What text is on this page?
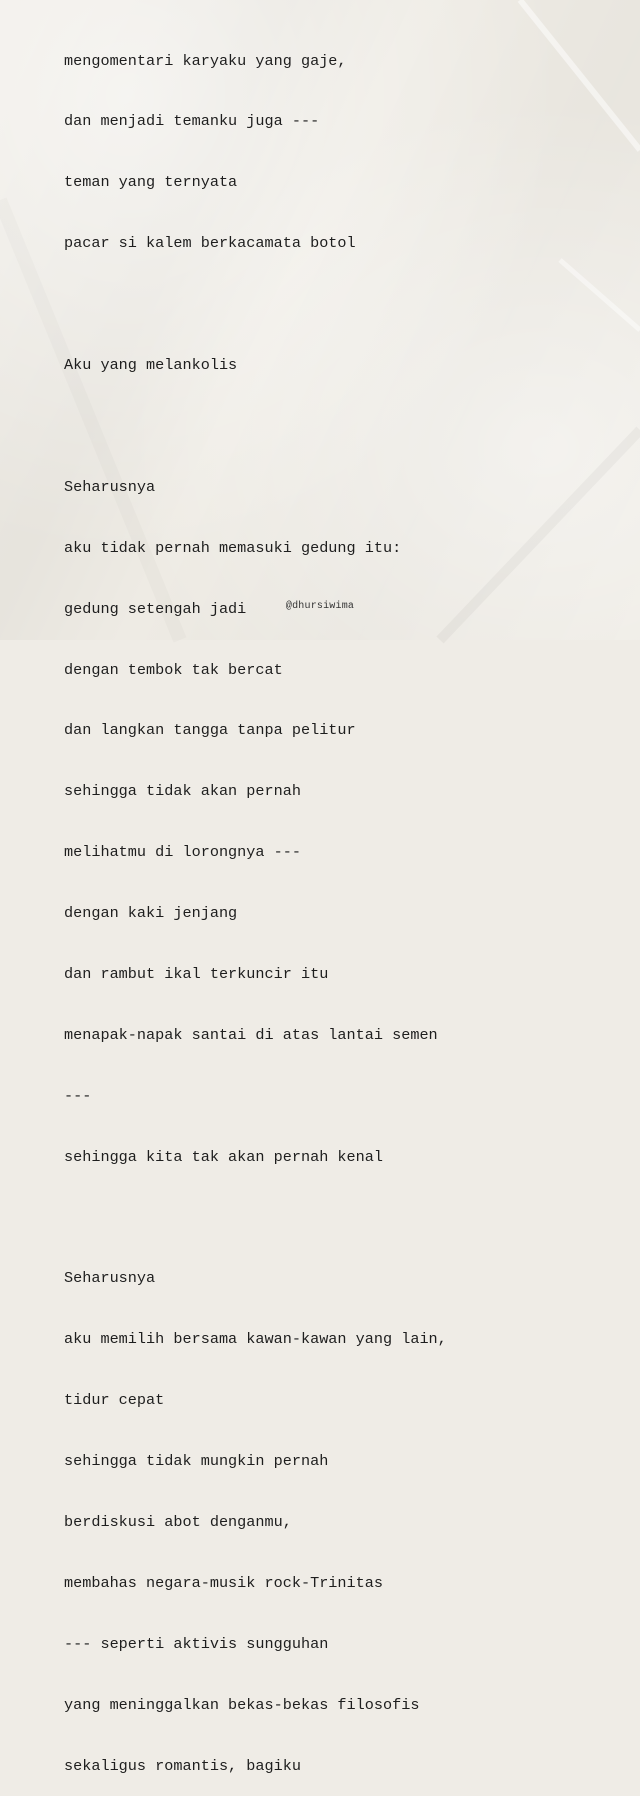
mengomentari karyaku yang gaje,

dan menjadi temanku juga ---

teman yang ternyata

pacar si kalem berkacamata botol

Aku yang melankolis

Seharusnya

aku tidak pernah memasuki gedung itu:

gedung setengah jadi

dengan tembok tak bercat

dan langkan tangga tanpa pelitur

sehingga tidak akan pernah

melihatmu di lorongnya ---

dengan kaki jenjang

dan rambut ikal terkuncir itu

menapak-napak santai di atas lantai semen

---

sehingga kita tak akan pernah kenal

Seharusnya

aku memilih bersama kawan-kawan yang lain,

tidur cepat

sehingga tidak mungkin pernah

berdiskusi abot denganmu,

membahas negara-musik rock-Trinitas

--- seperti aktivis sungguhan

yang meninggalkan bekas-bekas filosofis

sekaligus romantis, bagiku

@dhursiwima
